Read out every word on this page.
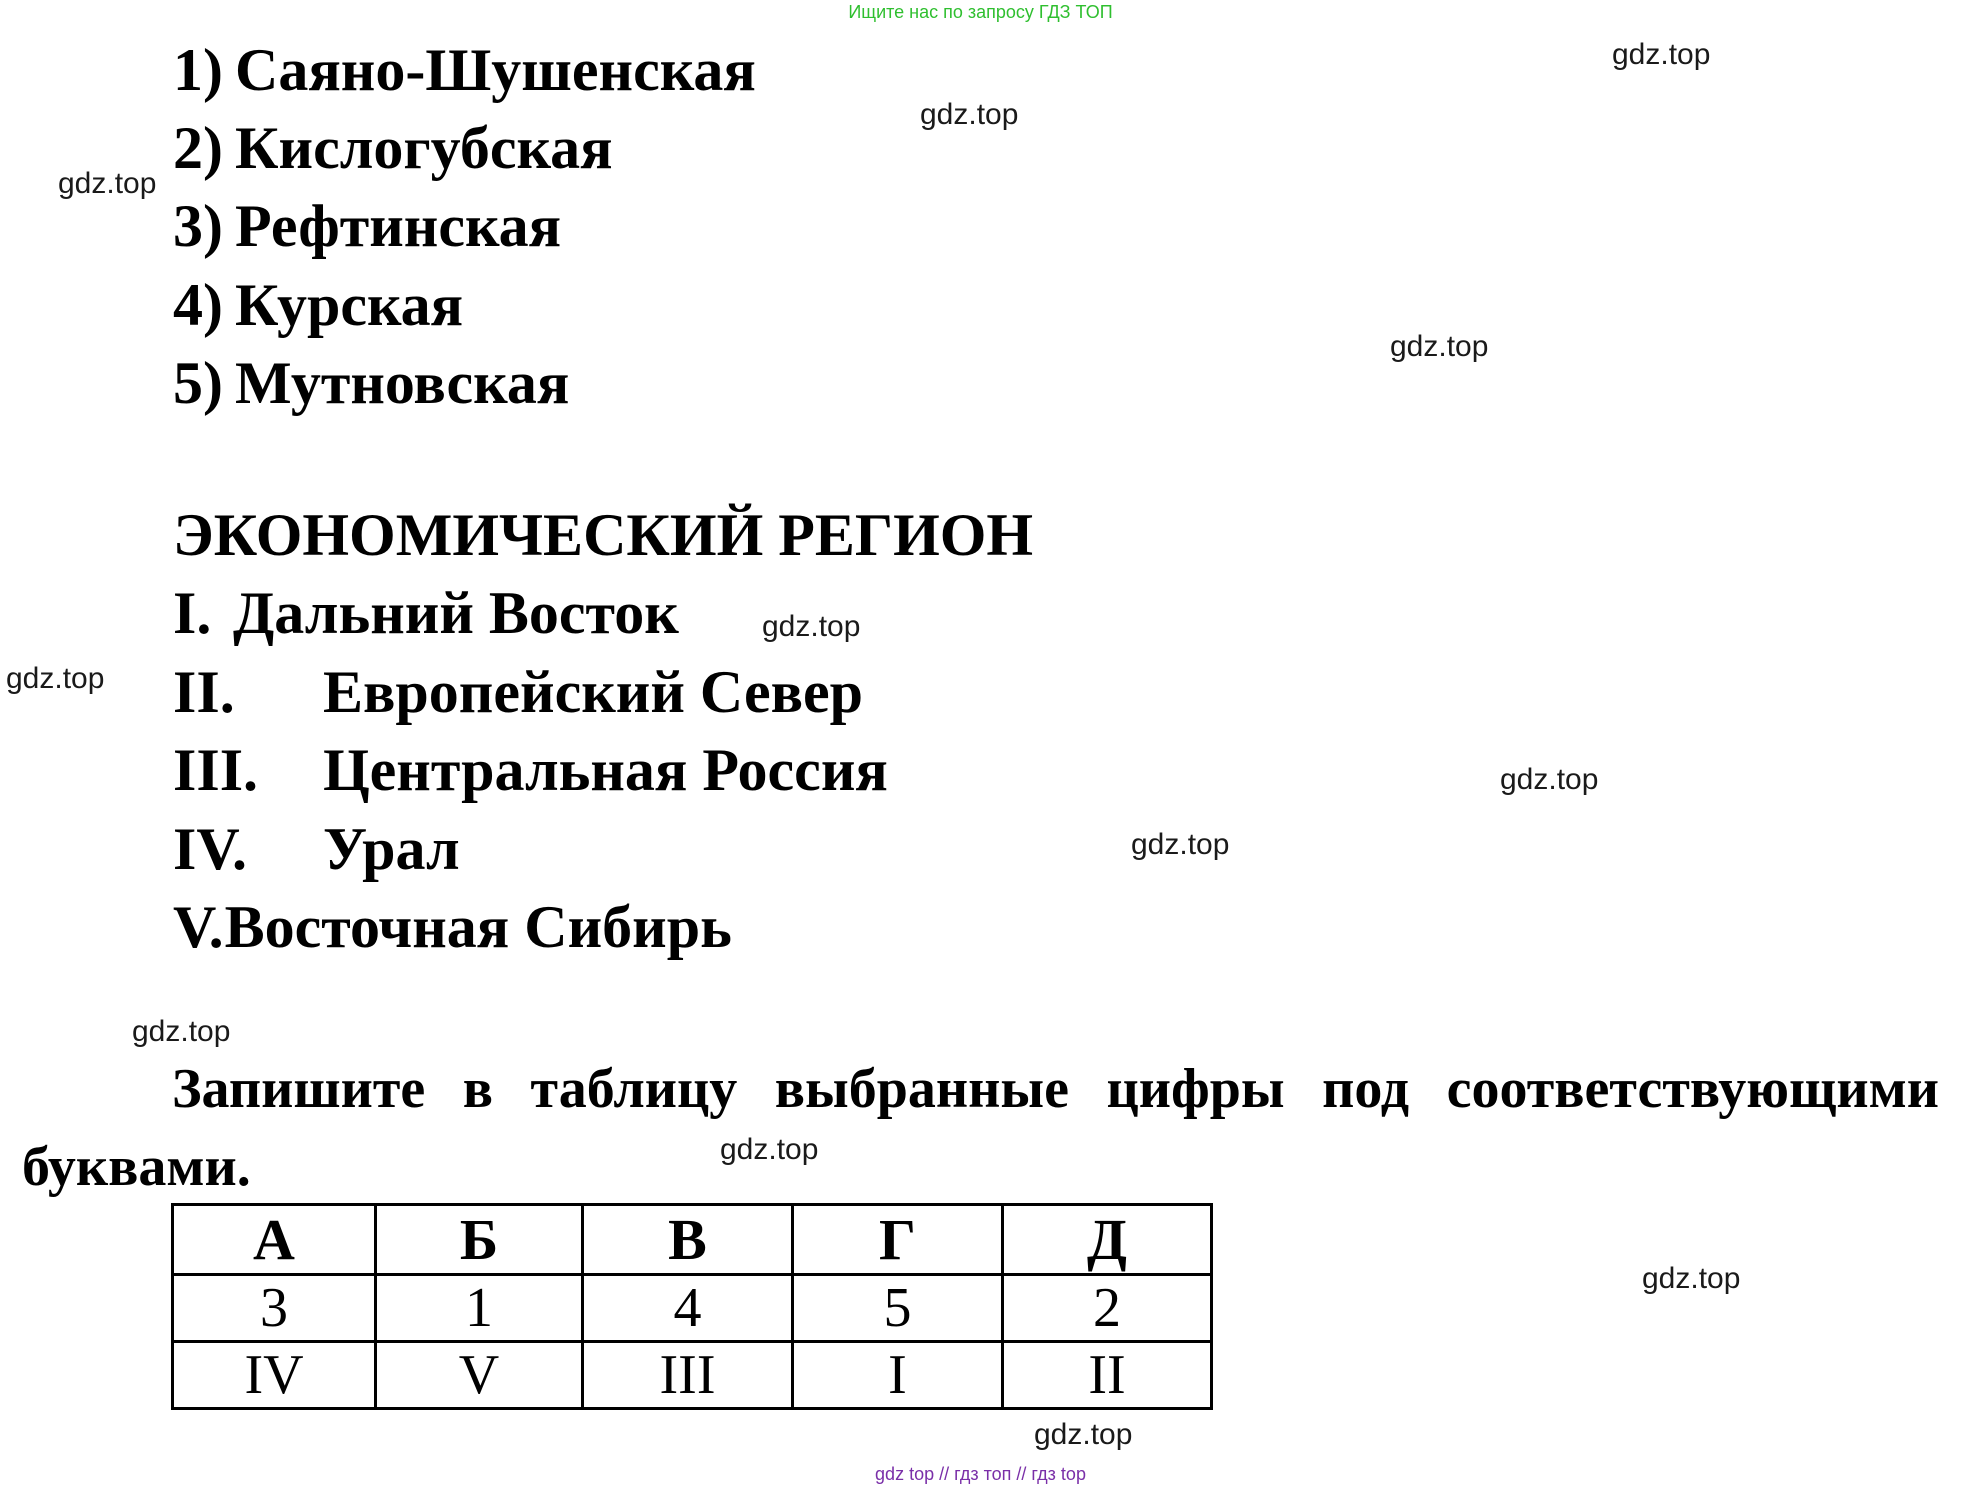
Ищите нас по запросу ГДЗ ТОП
1) Саяно-Шушенская
2) Кислогубская
3) Рефтинская
4) Курская
5) Мутновская
ЭКОНОМИЧЕСКИЙ РЕГИОН
I. Дальний Восток
II. Европейский Север
III. Центральная Россия
IV. Урал
V.Восточная Сибирь
Запишите в таблицу выбранные цифры под соответствующими буквами.
А	Б	В	Г	Д
3	1	4	5	2
IV	V	III	I	II
gdz.top
gdz.top
gdz.top
gdz.top
gdz.top
gdz.top
gdz.top
gdz.top
gdz.top
gdz.top
gdz.top
gdz.top
gdz top // гдз топ // гдз top
